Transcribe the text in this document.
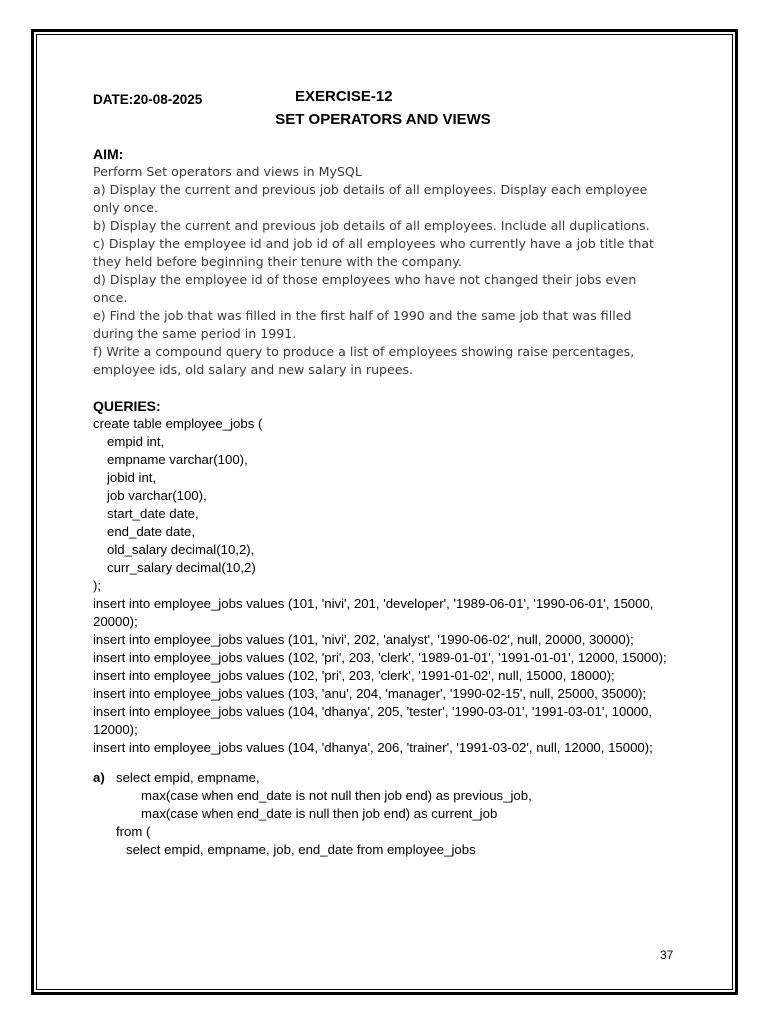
DATE:20-08-2025	EXERCISE-12
SET OPERATORS AND VIEWS
AIM:
Perform Set operators and views in MySQL
a) Display the current and previous job details of all employees. Display each employee only once.
b) Display the current and previous job details of all employees. Include all duplications.
c) Display the employee id and job id of all employees who currently have a job title that they held before beginning their tenure with the company.
d) Display the employee id of those employees who have not changed their jobs even once.
e) Find the job that was filled in the first half of 1990 and the same job that was filled during the same period in 1991.
f) Write a compound query to produce a list of employees showing raise percentages, employee ids, old salary and new salary in rupees.
QUERIES:
create table employee_jobs (
empid int,
empname varchar(100),
jobid int,
job varchar(100),
start_date date,
end_date date,
old_salary decimal(10,2),
curr_salary decimal(10,2)
);
insert into employee_jobs values (101, 'nivi', 201, 'developer', '1989-06-01', '1990-06-01', 15000, 20000);
insert into employee_jobs values (101, 'nivi', 202, 'analyst', '1990-06-02', null, 20000, 30000);
insert into employee_jobs values (102, 'pri', 203, 'clerk', '1989-01-01', '1991-01-01', 12000, 15000);
insert into employee_jobs values (102, 'pri', 203, 'clerk', '1991-01-02', null, 15000, 18000);
insert into employee_jobs values (103, 'anu', 204, 'manager', '1990-02-15', null, 25000, 35000);
insert into employee_jobs values (104, 'dhanya', 205, 'tester', '1990-03-01', '1991-03-01', 10000, 12000);
insert into employee_jobs values (104, 'dhanya', 206, 'trainer', '1991-03-02', null, 12000, 15000);
a) select empid, empname,
max(case when end_date is not null then job end) as previous_job,
max(case when end_date is null then job end) as current_job
from (
select empid, empname, job, end_date from employee_jobs
37
